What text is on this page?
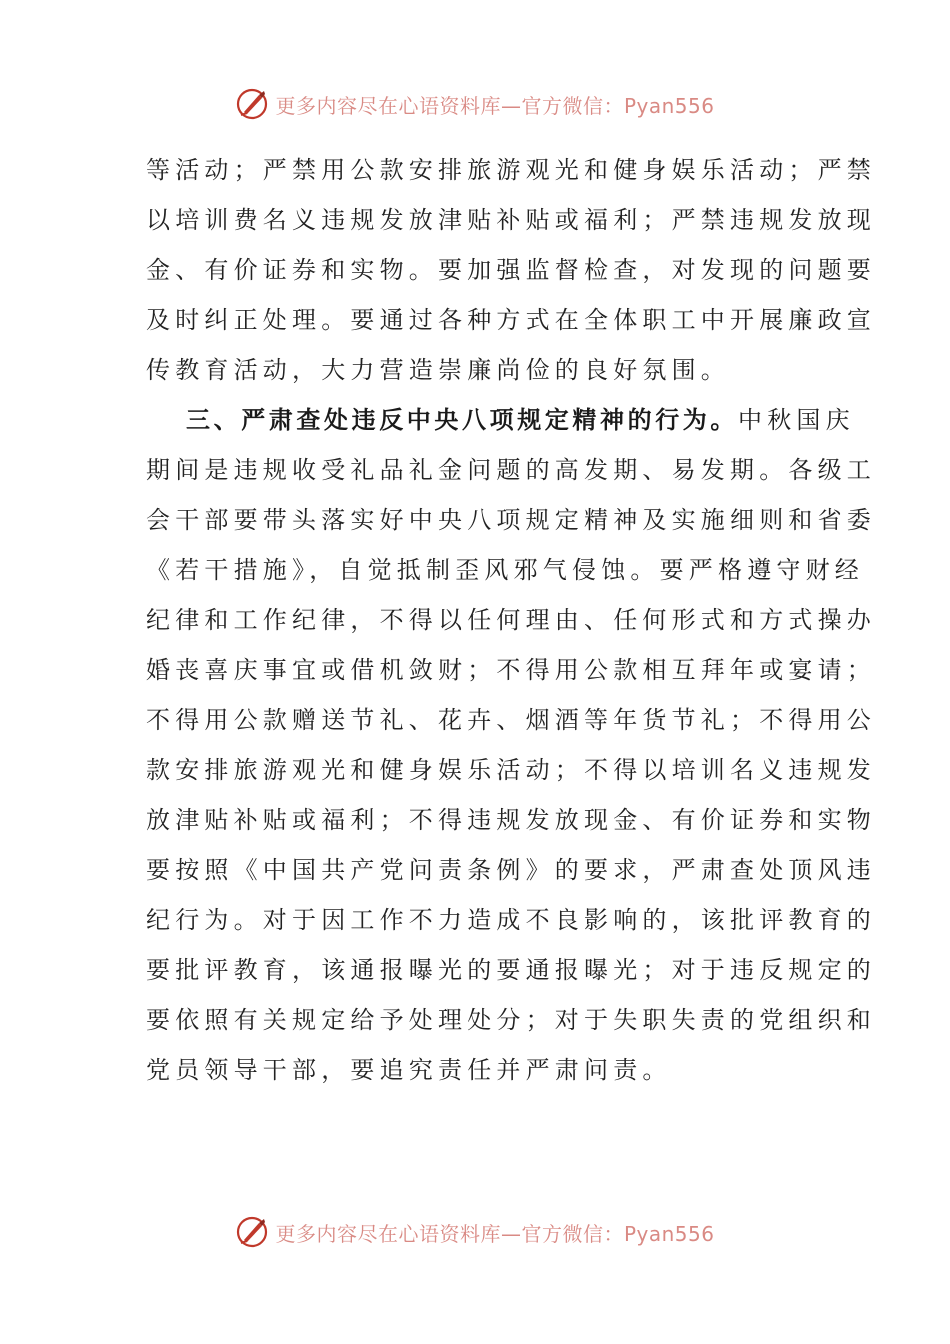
更多内容尽在心语资料库—官方微信：Pyan556
等活动；严禁用公款安排旅游观光和健身娱乐活动；严禁
以培训费名义违规发放津贴补贴或福利；严禁违规发放现
金、有价证券和实物。要加强监督检查，对发现的问题要
及时纠正处理。要通过各种方式在全体职工中开展廉政宣
传教育活动，大力营造崇廉尚俭的良好氛围。
三、严肃查处违反中央八项规定精神的行为。中秋国庆
期间是违规收受礼品礼金问题的高发期、易发期。各级工
会干部要带头落实好中央八项规定精神及实施细则和省委
《若干措施》，自觉抵制歪风邪气侵蚀。要严格遵守财经
纪律和工作纪律，不得以任何理由、任何形式和方式操办
婚丧喜庆事宜或借机敛财；不得用公款相互拜年或宴请；
不得用公款赠送节礼、花卉、烟酒等年货节礼；不得用公
款安排旅游观光和健身娱乐活动；不得以培训名义违规发
放津贴补贴或福利；不得违规发放现金、有价证券和实物
要按照《中国共产党问责条例》的要求，严肃查处顶风违
纪行为。对于因工作不力造成不良影响的，该批评教育的
要批评教育，该通报曝光的要通报曝光；对于违反规定的
要依照有关规定给予处理处分；对于失职失责的党组织和
党员领导干部，要追究责任并严肃问责。
更多内容尽在心语资料库—官方微信：Pyan556
